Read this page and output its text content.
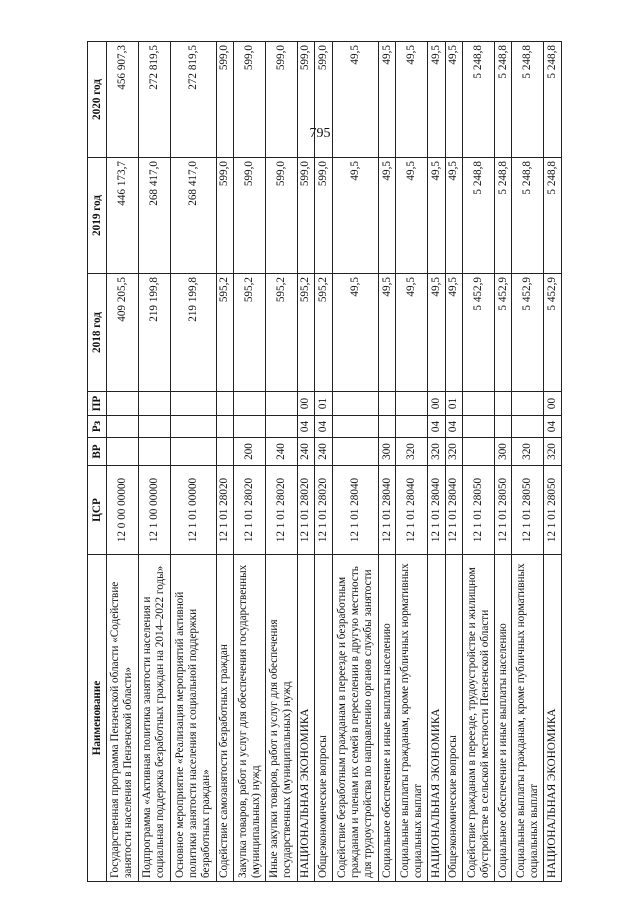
795
Наименование	ЦСР	ВР	Рз	ПР	2018 год	2019 год	2020 год
Государственная программа Пензенской области «Содействие занятости населения в Пензенской области»	12 0 00 00000				409 205,5	446 173,7	456 907,3
Подпрограмма «Активная политика занятости населения и социальная поддержка безработных граждан на 2014–2022 годы»	12 1 00 00000				219 199,8	268 417,0	272 819,5
Основное мероприятие «Реализация мероприятий активной политики занятости населения и социальной поддержки безработных граждан»	12 1 01 00000				219 199,8	268 417,0	272 819,5
Содействие самозанятости безработных граждан	12 1 01 28020				595,2	599,0	599,0
Закупка товаров, работ и услуг для обеспечения государственных (муниципальных) нужд	12 1 01 28020	200			595,2	599,0	599,0
Иные закупки товаров, работ и услуг для обеспечения государственных (муниципальных) нужд	12 1 01 28020	240			595,2	599,0	599,0
НАЦИОНАЛЬНАЯ ЭКОНОМИКА	12 1 01 28020	240	04	00	595,2	599,0	599,0
Общеэкономические вопросы	12 1 01 28020	240	04	01	595,2	599,0	599,0
Содействие безработным гражданам в переезде и безработным гражданам и членам их семей в переселении в другую местность для трудоустройства по направлению органов службы занятости	12 1 01 28040				49,5	49,5	49,5
Социальное обеспечение и иные выплаты населению	12 1 01 28040	300			49,5	49,5	49,5
Социальные выплаты гражданам, кроме публичных нормативных социальных выплат	12 1 01 28040	320			49,5	49,5	49,5
НАЦИОНАЛЬНАЯ ЭКОНОМИКА	12 1 01 28040	320	04	00	49,5	49,5	49,5
Общеэкономические вопросы	12 1 01 28040	320	04	01	49,5	49,5	49,5
Содействие гражданам в переезде, трудоустройстве и жилищном обустройстве в сельской местности Пензенской области	12 1 01 28050				5 452,9	5 248,8	5 248,8
Социальное обеспечение и иные выплаты населению	12 1 01 28050	300			5 452,9	5 248,8	5 248,8
Социальные выплаты гражданам, кроме публичных нормативных социальных выплат	12 1 01 28050	320			5 452,9	5 248,8	5 248,8
НАЦИОНАЛЬНАЯ ЭКОНОМИКА	12 1 01 28050	320	04	00	5 452,9	5 248,8	5 248,8
